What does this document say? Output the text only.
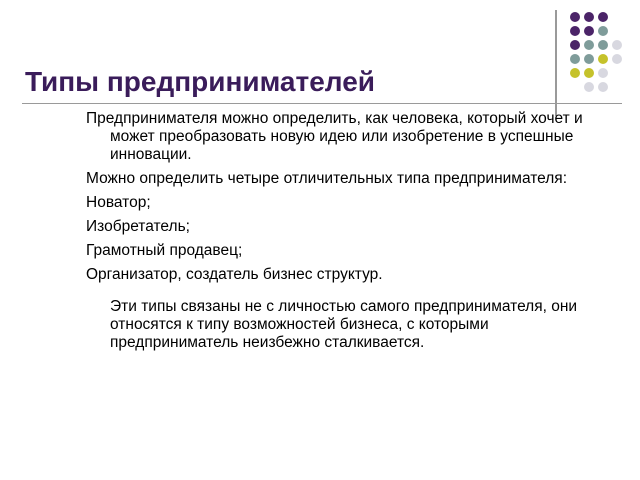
Типы предпринимателей

Предпринимателя можно определить, как человека, который хочет и может преобразовать новую идею или изобретение в успешные инновации.

Можно определить четыре отличительных типа предпринимателя:

Новатор;

Изобретатель;

Грамотный продавец;

Организатор, создатель бизнес структур.

Эти типы связаны не с личностью самого предпринимателя, они относятся к типу возможностей бизнеса, с которыми предприниматель неизбежно сталкивается.
